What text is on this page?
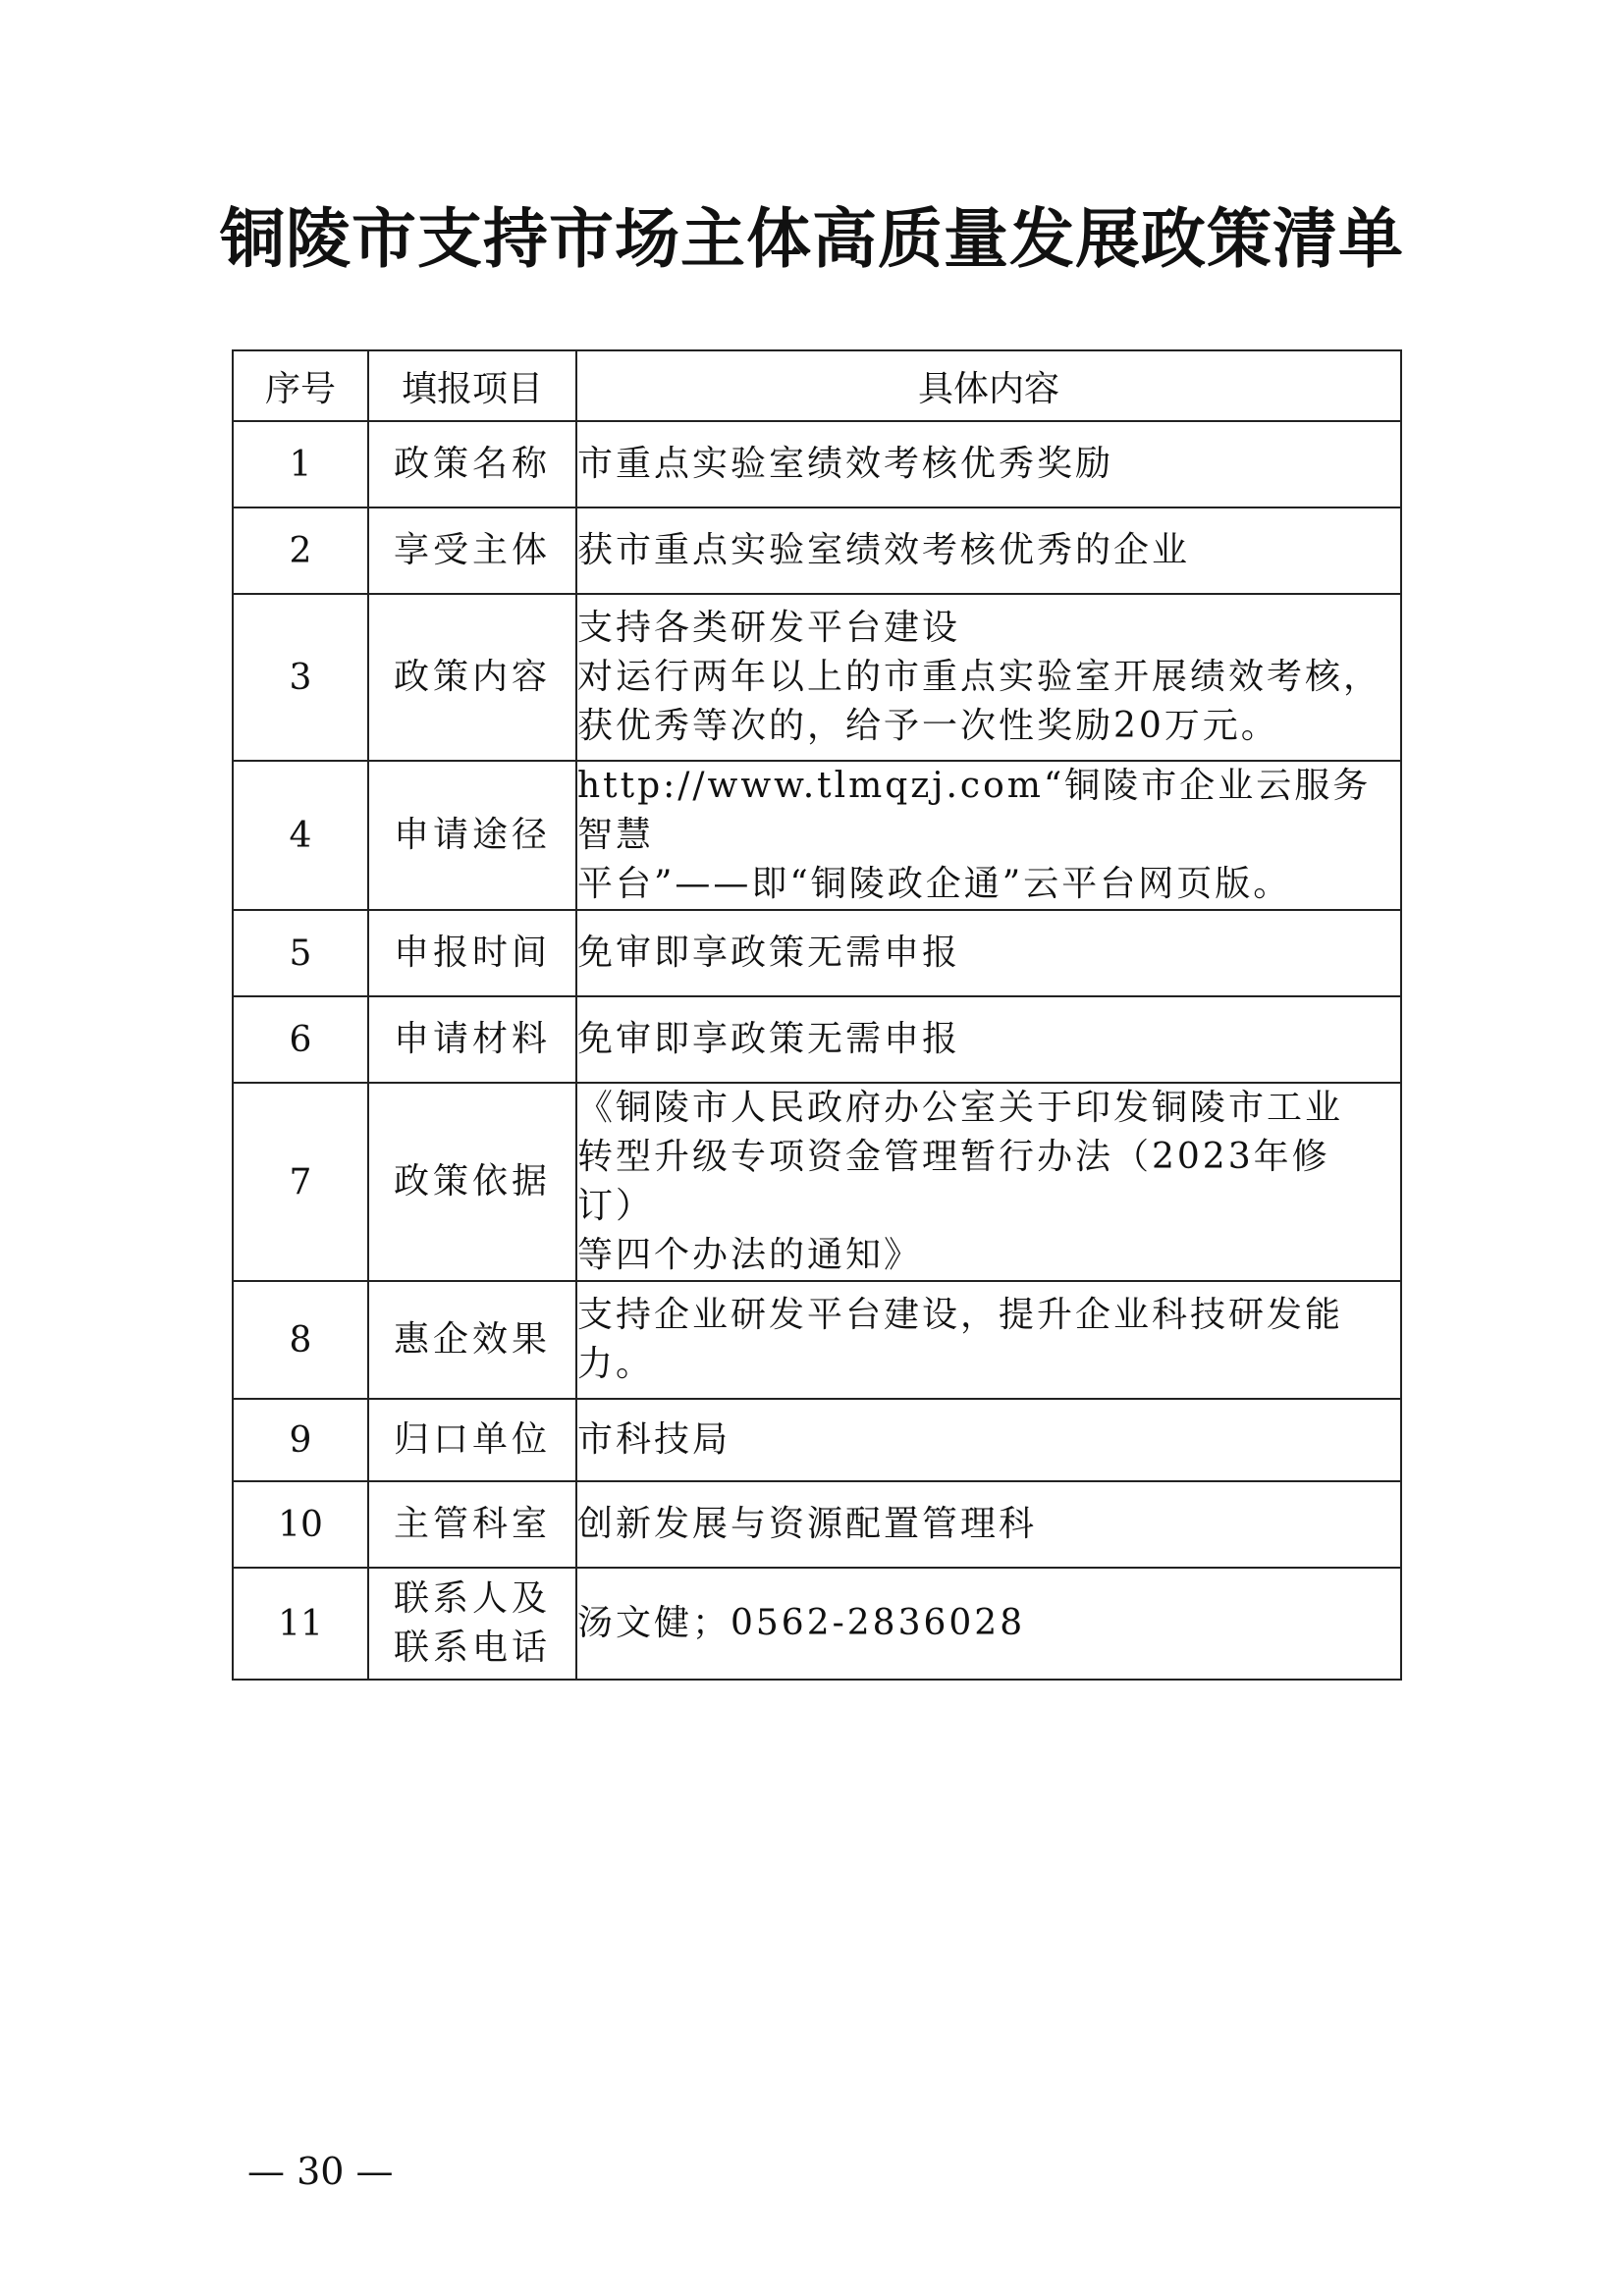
铜陵市支持市场主体高质量发展政策清单
序号	填报项目	具体内容
1	政策名称	市重点实验室绩效考核优秀奖励
2	享受主体	获市重点实验室绩效考核优秀的企业
3	政策内容	支持各类研发平台建设
对运行两年以上的市重点实验室开展绩效考核，
获优秀等次的，给予一次性奖励20万元。
4	申请途径	http://www.tlmqzj.com“铜陵市企业云服务智慧
平台”——即“铜陵政企通”云平台网页版。
5	申报时间	免审即享政策无需申报
6	申请材料	免审即享政策无需申报
7	政策依据	《铜陵市人民政府办公室关于印发铜陵市工业
转型升级专项资金管理暂行办法（2023年修订）
等四个办法的通知》
8	惠企效果	支持企业研发平台建设，提升企业科技研发能
力。
9	归口单位	市科技局
10	主管科室	创新发展与资源配置管理科
11	联系人及
联系电话	汤文健；0562-2836028
— 30 —
